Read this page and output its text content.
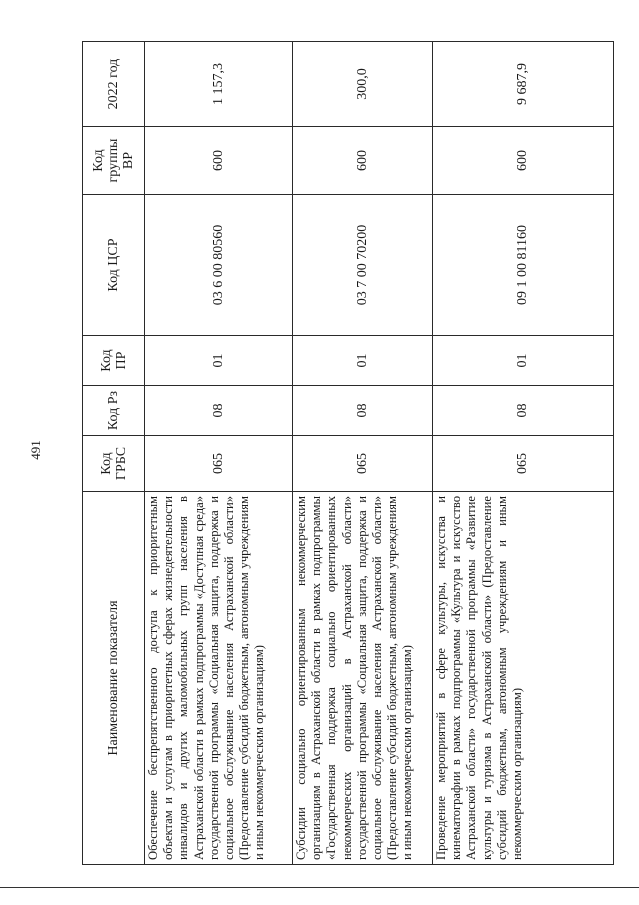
491
Наименование показателя	Код ГРБС	Код Рз	Код ПР	Код ЦСР	Код группы ВР	2022 год
Обеспечение беспрепятственного доступа к приоритетным объектам и услугам в приоритетных сферах жизнедеятельности инвалидов и других маломобильных групп населения в Астраханской области в рамках подпрограммы «Доступная среда» государственной программы «Социальная защита, поддержка и социальное обслуживание населения Астраханской области» (Предоставление субсидий бюджетным, автономным учреждениям и иным некоммерческим организациям)	065	08	01	03 6 00 80560	600	1 157,3
Субсидии социально ориентированным некоммерческим организациям в Астраханской области в рамках подпрограммы «Государственная поддержка социально ориентированных некоммерческих организаций в Астраханской области» государственной программы «Социальная защита, поддержка и социальное обслуживание населения Астраханской области» (Предоставление субсидий бюджетным, автономным учреждениям и иным некоммерческим организациям)	065	08	01	03 7 00 70200	600	300,0
Проведение мероприятий в сфере культуры, искусства и кинематографии в рамках подпрограммы «Культура и искусство Астраханской области» государственной программы «Развитие культуры и туризма в Астраханской области» (Предоставление субсидий бюджетным, автономным учреждениям и иным некоммерческим организациям)	065	08	01	09 1 00 81160	600	9 687,9
